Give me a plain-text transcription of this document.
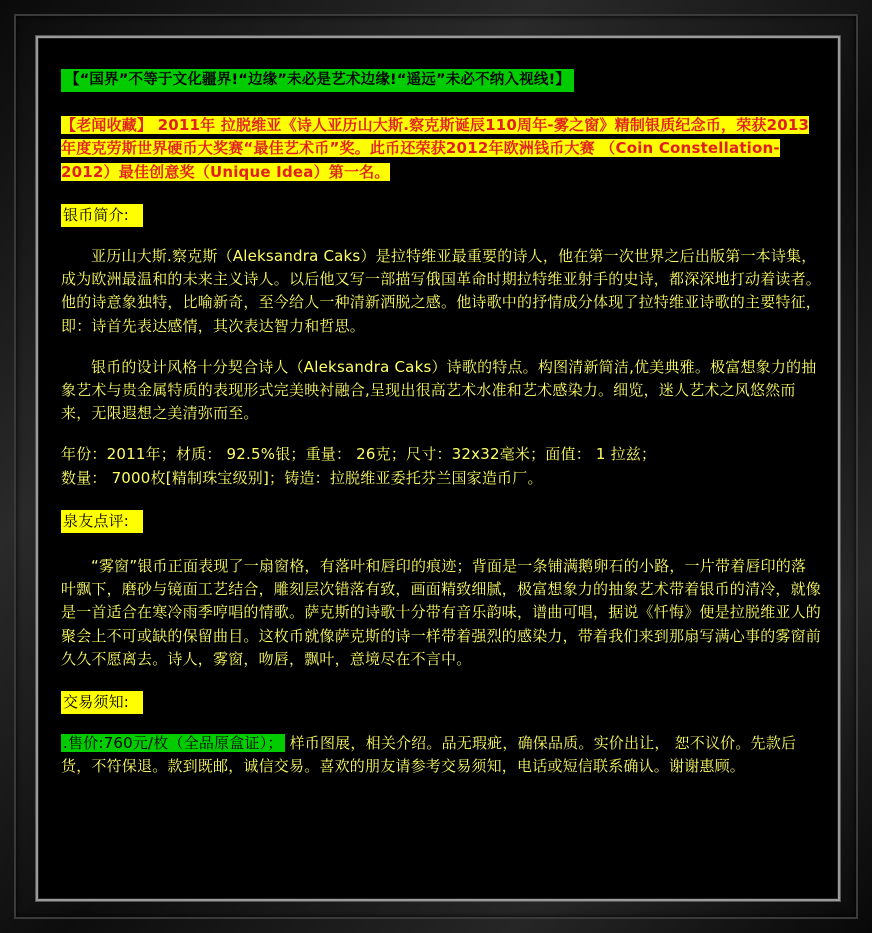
【“国界”不等于文化疆界!“边缘”未必是艺术边缘!“遥远”未必不纳入视线!】
【老闻收藏】 2011年 拉脱维亚《诗人亚历山大斯.察克斯诞辰110周年-雾之窗》精制银质纪念币，荣获2013年度克劳斯世界硬币大奖赛“最佳艺术币”奖。此币还荣获2012年欧洲钱币大赛 （Coin Constellation-2012）最佳创意奖（Unique Idea）第一名。
银币简介:
亚历山大斯.察克斯（Aleksandra Caks）是拉特维亚最重要的诗人，他在第一次世界之后出版第一本诗集，成为欧洲最温和的未来主义诗人。以后他又写一部描写俄国革命时期拉特维亚射手的史诗，都深深地打动着读者。 他的诗意象独特，比喻新奇，至今给人一种清新洒脱之感。他诗歌中的抒情成分体现了拉特维亚诗歌的主要特征，即：诗首先表达感情，其次表达智力和哲思。
银币的设计风格十分契合诗人（Aleksandra Caks）诗歌的特点。构图清新简洁,优美典雅。极富想象力的抽象艺术与贵金属特质的表现形式完美映衬融合,呈现出很高艺术水准和艺术感染力。细览，迷人艺术之风悠然而来，无限遐想之美清弥而至。
年份：2011年；材质： 92.5%银；重量： 26克；尺寸：32x32毫米；面值： 1 拉兹；
数量： 7000枚[精制珠宝级别]；铸造：拉脱维亚委托芬兰国家造币厂。
泉友点评:
“雾窗”银币正面表现了一扇窗格，有落叶和唇印的痕迹；背面是一条铺满鹅卵石的小路，一片带着唇印的落叶飘下，磨砂与镜面工艺结合，雕刻层次错落有致，画面精致细腻，极富想象力的抽象艺术带着银币的清冷，就像是一首适合在寒冷雨季哼唱的情歌。萨克斯的诗歌十分带有音乐韵味，谱曲可唱，据说《忏悔》便是拉脱维亚人的聚会上不可或缺的保留曲目。这枚币就像萨克斯的诗一样带着强烈的感染力，带着我们来到那扇写满心事的雾窗前久久不愿离去。诗人，雾窗，吻唇，飘叶，意境尽在不言中。
交易须知:
.售价:760元/枚（全品原盒证）； 样币图展，相关介绍。品无瑕疵，确保品质。实价出让， 恕不议价。先款后货，不符保退。款到既邮，诚信交易。喜欢的朋友请参考交易须知，电话或短信联系确认。谢谢惠顾。
